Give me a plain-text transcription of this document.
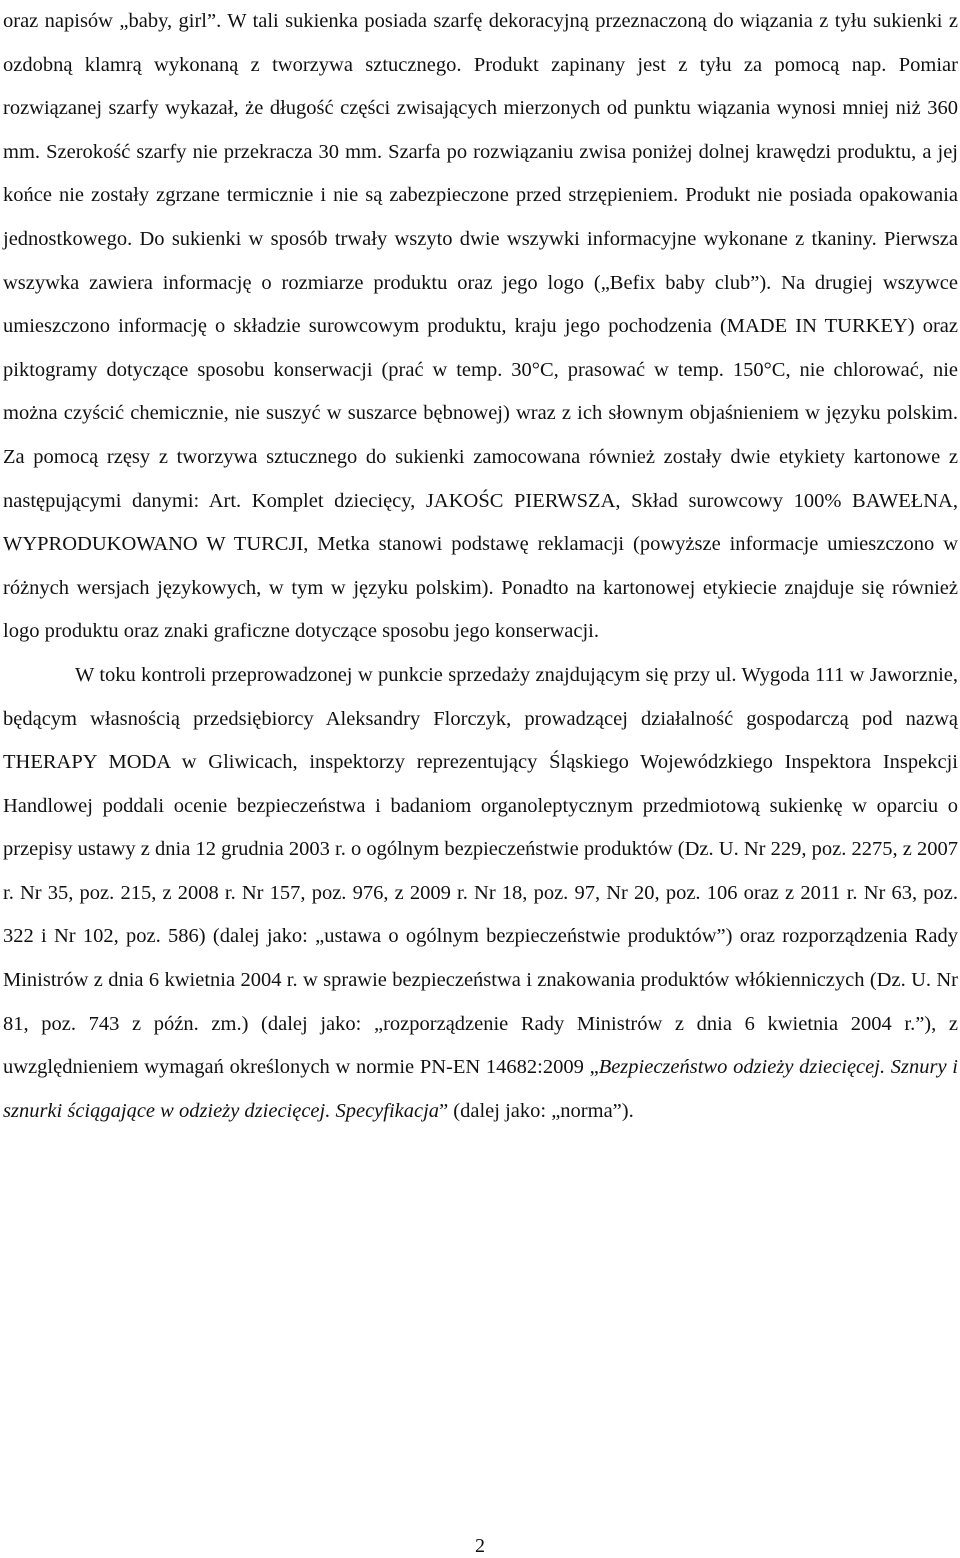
oraz napisów „baby, girl”. W tali sukienka posiada szarfę dekoracyjną przeznaczoną do wiązania z tyłu sukienki z ozdobną klamrą wykonaną z tworzywa sztucznego. Produkt zapinany jest z tyłu za pomocą nap. Pomiar rozwiązanej szarfy wykazał, że długość części zwisających mierzonych od punktu wiązania wynosi mniej niż 360 mm. Szerokość szarfy nie przekracza 30 mm. Szarfa po rozwiązaniu zwisa poniżej dolnej krawędzi produktu, a jej końce nie zostały zgrzane termicznie i nie są zabezpieczone przed strzępieniem. Produkt nie posiada opakowania jednostkowego. Do sukienki w sposób trwały wszyto dwie wszywki informacyjne wykonane z tkaniny. Pierwsza wszywka zawiera informację o rozmiarze produktu oraz jego logo („Befix baby club”). Na drugiej wszywce umieszczono informację o składzie surowcowym produktu, kraju jego pochodzenia (MADE IN TURKEY) oraz piktogramy dotyczące sposobu konserwacji (prać w temp. 30°C, prasować w temp. 150°C, nie chlorować, nie można czyścić chemicznie, nie suszyć w suszarce bębnowej) wraz z ich słownym objaśnieniem w języku polskim. Za pomocą rzęsy z tworzywa sztucznego do sukienki zamocowana również zostały dwie etykiety kartonowe z następującymi danymi: Art. Komplet dziecięcy, JAKOŚC PIERWSZA, Skład surowcowy 100% BAWEŁNA, WYPRODUKOWANO W TURCJI, Metka stanowi podstawę reklamacji (powyższe informacje umieszczono w różnych wersjach językowych, w tym w języku polskim). Ponadto na kartonowej etykiecie znajduje się również logo produktu oraz znaki graficzne dotyczące sposobu jego konserwacji.

W toku kontroli przeprowadzonej w punkcie sprzedaży znajdującym się przy ul. Wygoda 111 w Jaworznie, będącym własnością przedsiębiorcy Aleksandry Florczyk, prowadzącej działalność gospodarczą pod nazwą THERAPY MODA w Gliwicach, inspektorzy reprezentujący Śląskiego Wojewódzkiego Inspektora Inspekcji Handlowej poddali ocenie bezpieczeństwa i badaniom organoleptycznym przedmiotową sukienkę w oparciu o przepisy ustawy z dnia 12 grudnia 2003 r. o ogólnym bezpieczeństwie produktów (Dz. U. Nr 229, poz. 2275, z 2007 r. Nr 35, poz. 215, z 2008 r. Nr 157, poz. 976, z 2009 r. Nr 18, poz. 97, Nr 20, poz. 106 oraz z 2011 r. Nr 63, poz. 322 i Nr 102, poz. 586) (dalej jako: „ustawa o ogólnym bezpieczeństwie produktów”) oraz rozporządzenia Rady Ministrów z dnia 6 kwietnia 2004 r. w sprawie bezpieczeństwa i znakowania produktów włókienniczych (Dz. U. Nr 81, poz. 743 z późn. zm.) (dalej jako: „rozporządzenie Rady Ministrów z dnia 6 kwietnia 2004 r.”), z uwzględnieniem wymagań określonych w normie PN-EN 14682:2009 „Bezpieczeństwo odzieży dziecięcej. Sznury i sznurki ściągające w odzieży dziecięcej. Specyfikacja” (dalej jako: „norma”).

2
